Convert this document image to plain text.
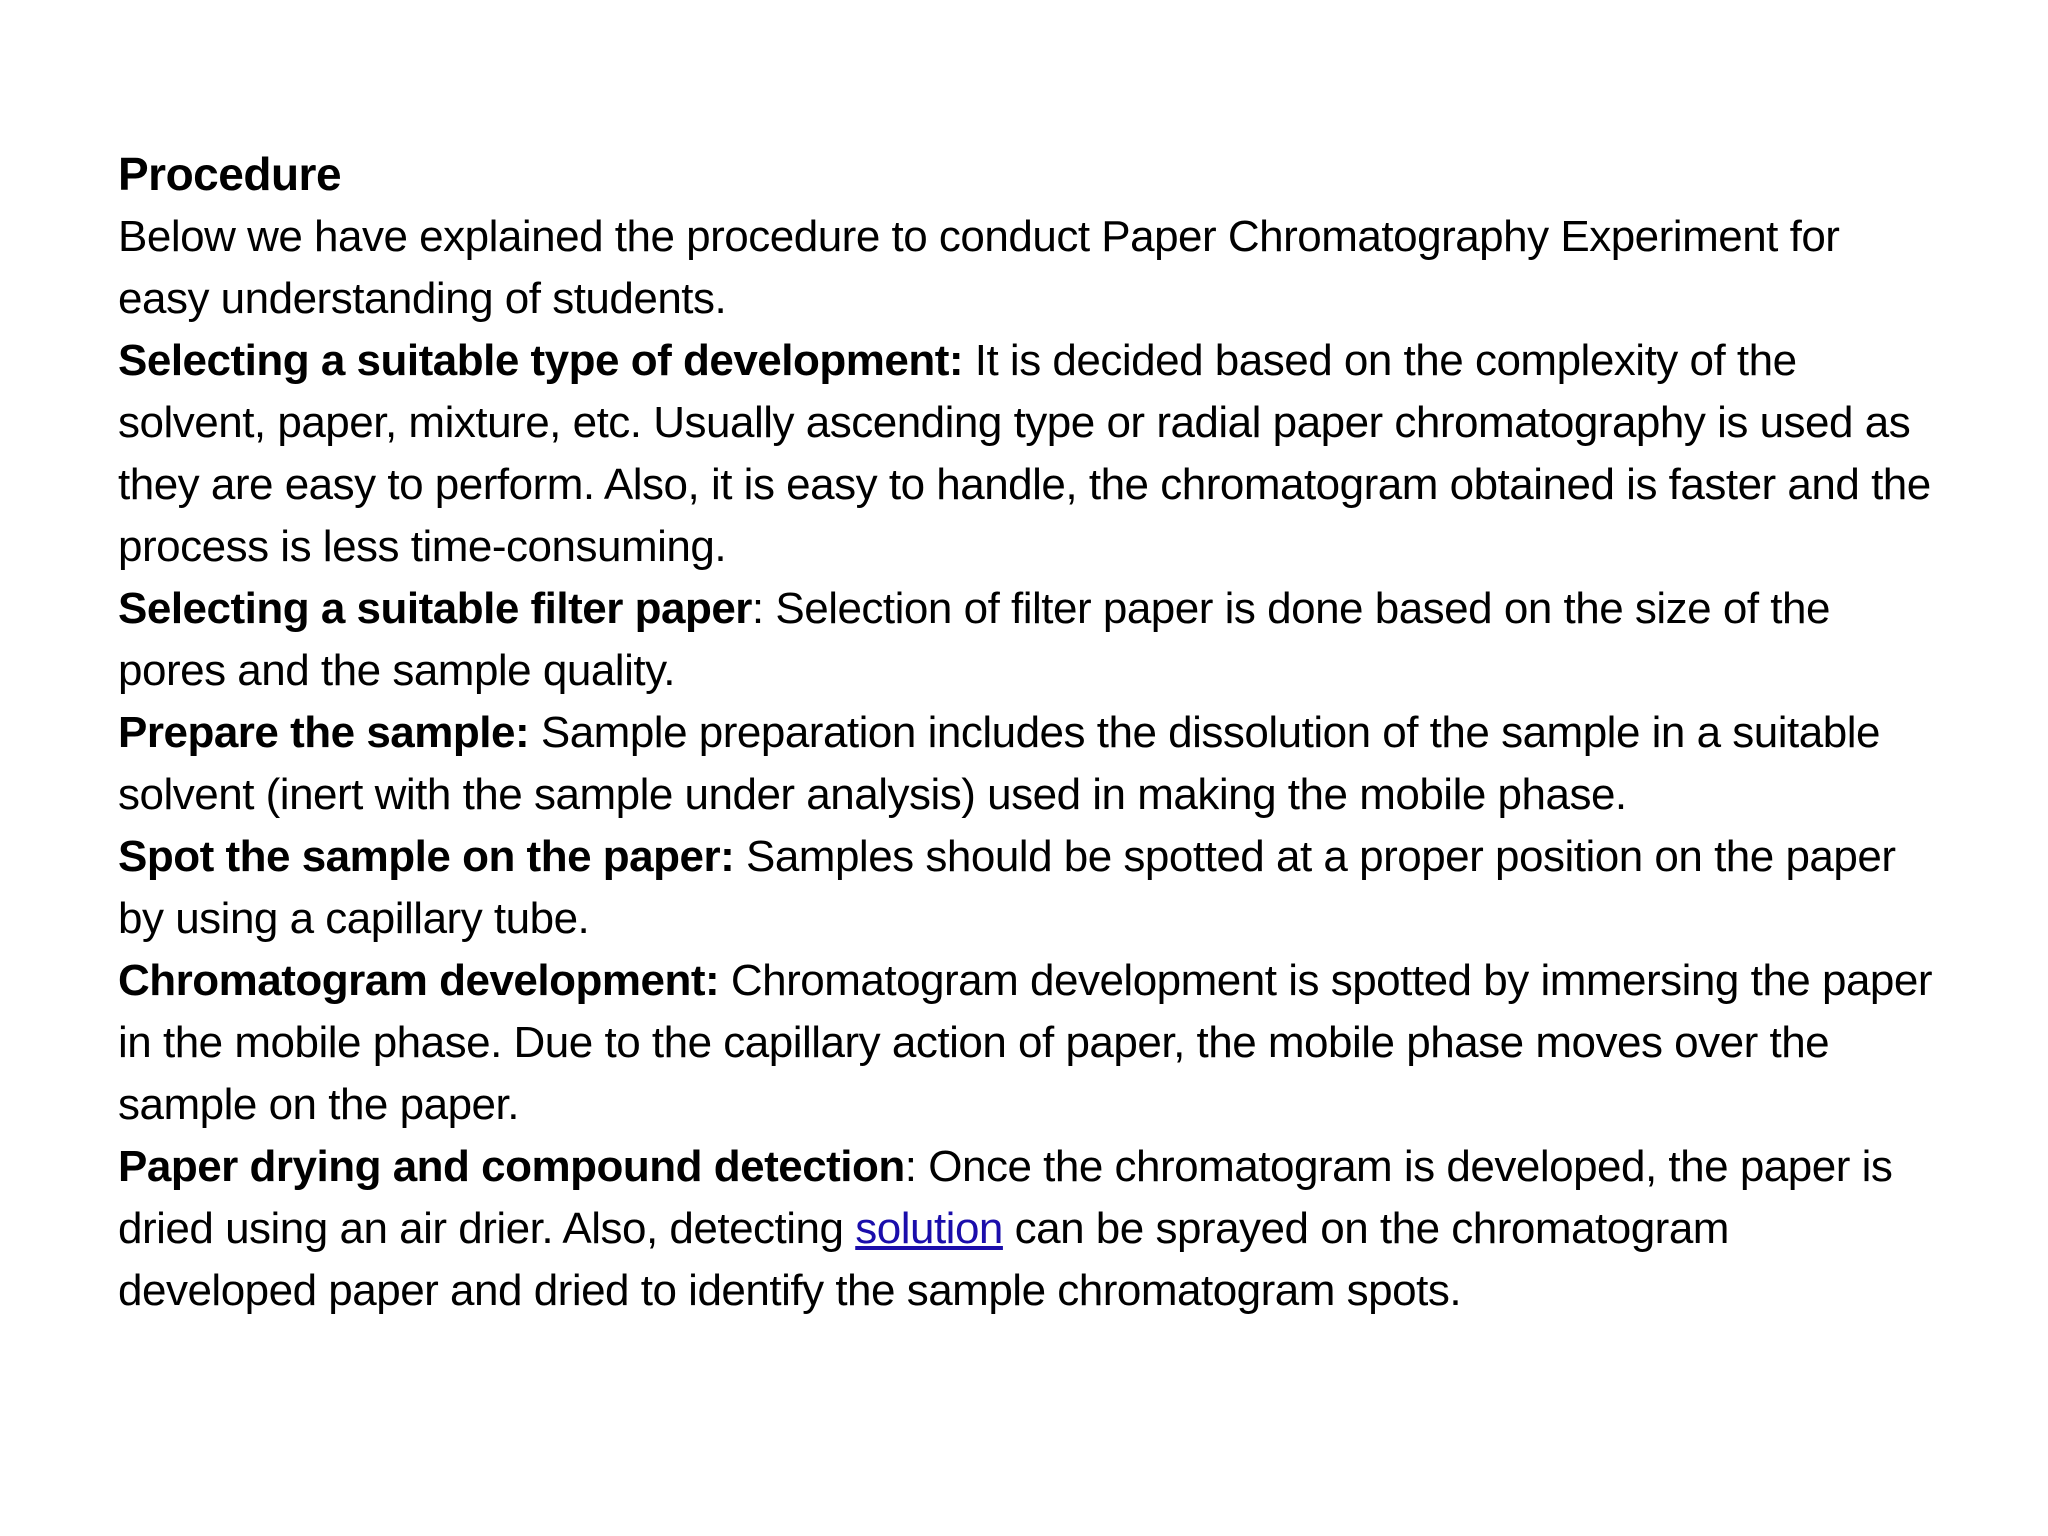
Procedure

Below we have explained the procedure to conduct Paper Chromatography Experiment for easy understanding of students.

Selecting a suitable type of development: It is decided based on the complexity of the solvent, paper, mixture, etc. Usually ascending type or radial paper chromatography is used as they are easy to perform. Also, it is easy to handle, the chromatogram obtained is faster and the process is less time-consuming.

Selecting a suitable filter paper: Selection of filter paper is done based on the size of the pores and the sample quality.

Prepare the sample: Sample preparation includes the dissolution of the sample in a suitable solvent (inert with the sample under analysis) used in making the mobile phase.

Spot the sample on the paper: Samples should be spotted at a proper position on the paper by using a capillary tube.

Chromatogram development: Chromatogram development is spotted by immersing the paper in the mobile phase. Due to the capillary action of paper, the mobile phase moves over the sample on the paper.

Paper drying and compound detection: Once the chromatogram is developed, the paper is dried using an air drier. Also, detecting solution can be sprayed on the chromatogram developed paper and dried to identify the sample chromatogram spots.
